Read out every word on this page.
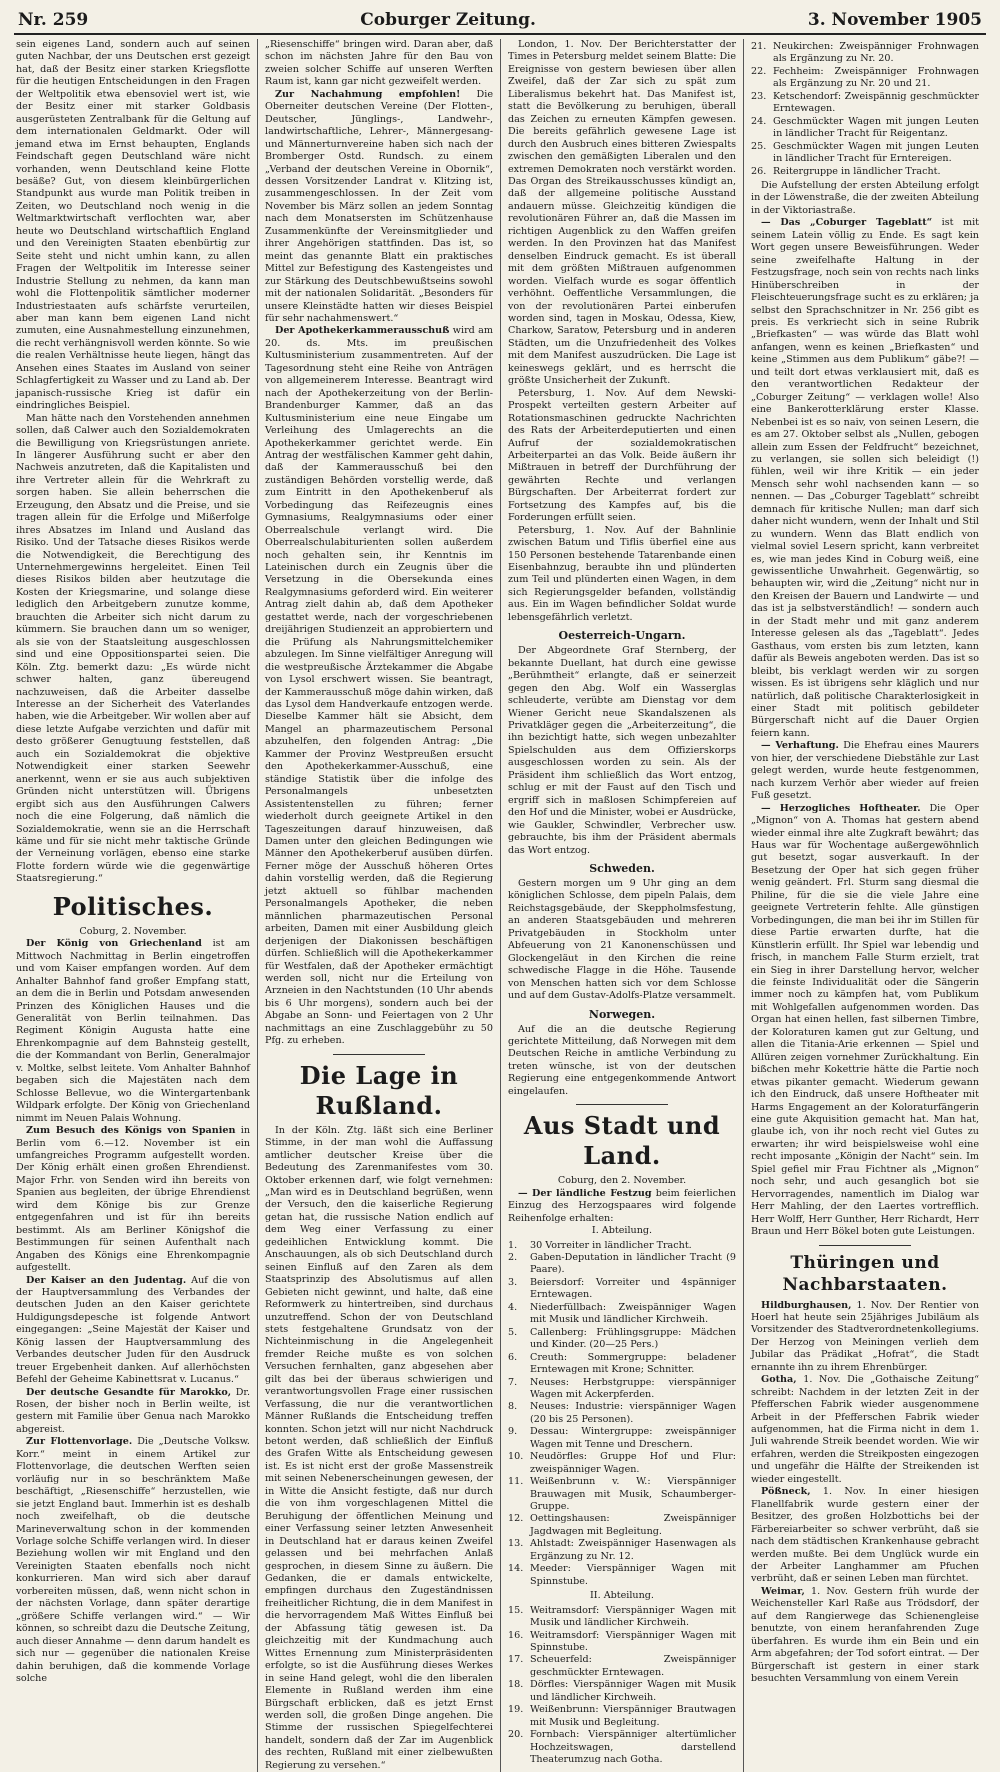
Nr. 259	Coburger Zeitung.	3. November 1905

sein eigenes Land, sondern auch auf seinen guten Nachbar, der uns Deutschen erst gezeigt hat, daß der Besitz einer starken Kriegsflotte für die heutigen Entscheidungen in den Fragen der Weltpolitik etwa ebensoviel wert ist, wie der Besitz einer mit starker Goldbasis ausgerüsteten Zentralbank für die Geltung auf dem internationalen Geldmarkt. Oder will jemand etwa im Ernst behaupten, Englands Feindschaft gegen Deutschland wäre nicht vorhanden, wenn Deutschland keine Flotte besäße? Gut, von diesem kleinbürgerlichen Standpunkt aus wurde man Politik treiben in Zeiten, wo Deutschland noch wenig in die Weltmarktwirtschaft verflochten war, aber heute wo Deutschland wirtschaftlich England und den Vereinigten Staaten ebenbürtig zur Seite steht und nicht umhin kann, zu allen Fragen der Weltpolitik im Interesse seiner Industrie Stellung zu nehmen, da kann man wohl die Flottenpolitik sämtlicher moderner Industriestaaten aufs schärfste verurteilen, aber man kann bem eigenen Land nicht zumuten, eine Ausnahmestellung einzunehmen, die recht verhängnisvoll werden könnte. So wie die realen Verhältnisse heute liegen, hängt das Ansehen eines Staates im Ausland von seiner Schlagfertigkeit zu Wasser und zu Land ab. Der japanisch-russische Krieg ist dafür ein eindringliches Beispiel.

Man hätte nach den Vorstehenden annehmen sollen, daß Calwer auch den Sozialdemokraten die Bewilligung von Kriegsrüstungen anriete. In längerer Ausführung sucht er aber den Nachweis anzutreten, daß die Kapitalisten und ihre Vertreter allein für die Wehrkraft zu sorgen haben. Sie allein beherrschen die Erzeugung, den Absatz und die Preise, und sie tragen allein für die Erfolge und Mißerfolge ihres Absatzes im Inland und Ausland das Risiko. Und der Tatsache dieses Risikos werde die Notwendigkeit, die Berechtigung des Unternehmergewinns hergeleitet. Einen Teil dieses Risikos bilden aber heutzutage die Kosten der Kriegsmarine, und solange diese lediglich den Arbeitgebern zunutze komme, brauchten die Arbeiter sich nicht darum zu kümmern. Sie brauchen dann um so weniger, als sie von der Staatsleitung ausgeschlossen sind und eine Oppositionspartei seien. Die Köln. Ztg. bemerkt dazu: „Es würde nicht schwer halten, ganz übereugend nachzuweisen, daß die Arbeiter dasselbe Interesse an der Sicherheit des Vaterlandes haben, wie die Arbeitgeber. Wir wollen aber auf diese letzte Aufgabe verzichten und dafür mit desto größerer Genugtuung feststellen, daß auch ein Sozialdemokrat die objektive Notwendigkeit einer starken Seewehr anerkennt, wenn er sie aus auch subjektiven Gründen nicht unterstützen will. Übrigens ergibt sich aus den Ausführungen Calwers noch die eine Folgerung, daß nämlich die Sozialdemokratie, wenn sie an die Herrschaft käme und für sie nicht mehr taktische Gründe der Verneinung vorlägen, ebenso eine starke Flotte fordern würde wie die gegenwärtige Staatsregierung.“

Politisches.
Coburg, 2. November.

Der König von Griechenland ist am Mittwoch Nachmittag in Berlin eingetroffen und vom Kaiser empfangen worden. Auf dem Anhalter Bahnhof fand großer Empfang statt, an dem die in Berlin und Potsdam anwesenden Prinzen des Königlichen Hauses und die Generalität von Berlin teilnahmen. Das Regiment Königin Augusta hatte eine Ehrenkompagnie auf dem Bahnsteig gestellt, die der Kommandant von Berlin, Generalmajor v. Moltke, selbst leitete. Vom Anhalter Bahnhof begaben sich die Majestäten nach dem Schlosse Bellevue, wo die Wintergartenbank Wildpark erfolgte. Der König von Griechenland nimmt im Neuen Palais Wohnung.

Zum Besuch des Königs von Spanien in Berlin vom 6.—12. November ist ein umfangreiches Programm aufgestellt worden. Der König erhält einen großen Ehrendienst. Major Frhr. von Senden wird ihn bereits von Spanien aus begleiten, der übrige Ehrendienst wird dem Könige bis zur Grenze entgegenfahren und ist für ihn bereits bestimmt. Als am Berliner Königshof die Bestimmungen für seinen Aufenthalt nach Angaben des Königs eine Ehrenkompagnie aufgestellt.

Der Kaiser an den Judentag. Auf die von der Hauptversammlung des Verbandes der deutschen Juden an den Kaiser gerichtete Huldigungsdepesche ist folgende Antwort eingegangen: „Seine Majestät der Kaiser und König lassen der Hauptversammlung des Verbandes deutscher Juden für den Ausdruck treuer Ergebenheit danken. Auf allerhöchsten Befehl der Geheime Kabinettsrat v. Lucanus.“

Der deutsche Gesandte für Marokko, Dr. Rosen, der bisher noch in Berlin weilte, ist gestern mit Familie über Genua nach Marokko abgereist.

Zur Flottenvorlage. Die „Deutsche Volksw. Korr.“ meint in einem Artikel zur Flottenvorlage, die deutschen Werften seien vorläufig nur in so beschränktem Maße beschäftigt, „Riesenschiffe“ herzustellen, wie sie jetzt England baut. Immerhin ist es deshalb noch zweifelhaft, ob die deutsche Marineverwaltung schon in der kommenden Vorlage solche Schiffe verlangen wird. In dieser Beziehung wollen wir mit England und den Vereinigten Staaten ebenfalls noch nicht konkurrieren. Man wird sich aber darauf vorbereiten müssen, daß, wenn nicht schon in der nächsten Vorlage, dann später derartige „größere Schiffe verlangen wird.“ — Wir können, so schreibt dazu die Deutsche Zeitung, auch dieser Annahme — denn darum handelt es sich nur — gegenüber die nationalen Kreise dahin beruhigen, daß die kommende Vorlage solche

„Riesenschiffe“ bringen wird. Daran aber, daß schon im nächsten Jahre für den Bau von zweien solcher Schiffe auf unseren Werften Raum ist, kann gar nicht gezweifelt werden.

Zur Nachahmung empfohlen! Die Oberneiter deutschen Vereine (Der Flotten-, Deutscher, Jünglings-, Landwehr-, landwirtschaftliche, Lehrer-, Männergesang- und Männerturnvereine haben sich nach der Bromberger Ostd. Rundsch. zu einem „Verband der deutschen Vereine in Obornik“, dessen Vorsitzender Landrat v. Klitzing ist, zusammengeschlossen. In der Zeit vom November bis März sollen an jedem Sonntag nach dem Monatsersten im Schützenhause Zusammenkünfte der Vereinsmitglieder und ihrer Angehörigen stattfinden. Das ist, so meint das genannte Blatt ein praktisches Mittel zur Befestigung des Kastengeistes und zur Stärkung des Deutschbewußtseins sowohl mit der nationalen Solidarität. „Besonders für unsere Kleinstädte hatten wir dieses Beispiel für sehr nachahmenswert.“

Der Apothekerkammerausschuß wird am 20. ds. Mts. im preußischen Kultusministerium zusammentreten. Auf der Tagesordnung steht eine Reihe von Anträgen von allgemeinerem Interesse. Beantragt wird nach der Apothekerzeitung von der Berlin-Brandenburger Kammer, daß an das Kultusministerium eine neue Eingabe um Verleihung des Umlagerechts an die Apothekerkammer gerichtet werde. Ein Antrag der westfälischen Kammer geht dahin, daß der Kammerausschuß bei den zuständigen Behörden vorstellig werde, daß zum Eintritt in den Apothekenberuf als Vorbedingung das Reifezeugnis eines Gymnasiums, Realgymnasiums oder einer Oberrealschule verlangt wird. Die Oberrealschulabiturienten sollen außerdem noch gehalten sein, ihr Kenntnis im Lateinischen durch ein Zeugnis über die Versetzung in die Obersekunda eines Realgymnasiums geforderd wird. Ein weiterer Antrag zielt dahin ab, daß dem Apotheker gestattet werde, nach der vorgeschriebenen dreijährigen Studienzeit an approbiertern und die Prüfung als Nahrungsmittelchemiker abzulegen. Im Sinne vielfältiger Anregung will die westpreußische Ärztekammer die Abgabe von Lysol erschwert wissen. Sie beantragt, der Kammerausschuß möge dahin wirken, daß das Lysol dem Handverkaufe entzogen werde. Dieselbe Kammer hält sie Absicht, dem Mangel an pharmazeutischem Personal abzuhelfen, den folgenden Antrag: „Die Kammer der Provinz Westpreußen ersucht den Apothekerkammer-Ausschuß, eine ständige Statistik über die infolge des Personalmangels unbesetzten Assistentenstellen zu führen; ferner wiederholt durch geeignete Artikel in den Tageszeitungen darauf hinzuweisen, daß Damen unter den gleichen Bedingungen wie Männer den Apothekerberuf ausüben dürfen. Ferner möge der Ausschuß höheren Ortes dahin vorstellig werden, daß die Regierung jetzt aktuell so fühlbar machenden Personalmangels Apotheker, die neben männlichen pharmazeutischen Personal arbeiten, Damen mit einer Ausbildung gleich derjenigen der Diakonissen beschäftigen dürfen. Schließlich will die Apothekerkammer für Westfalen, daß der Apotheker ermächtigt werden soll, nicht nur die Erteilung von Arzneien in den Nachtstunden (10 Uhr abends bis 6 Uhr morgens), sondern auch bei der Abgabe an Sonn- und Feiertagen von 2 Uhr nachmittags an eine Zuschlaggebühr zu 50 Pfg. zu erheben.

Die Lage in Rußland.

In der Köln. Ztg. läßt sich eine Berliner Stimme, in der man wohl die Auffassung amtlicher deutscher Kreise über die Bedeutung des Zarenmanifestes vom 30. Oktober erkennen darf, wie folgt vernehmen: „Man wird es in Deutschland begrüßen, wenn der Versuch, den die kaiserliche Regierung getan hat, die russische Nation endlich auf dem Weg einer Verfassung zu einer gedeihlichen Entwicklung kommt. Die Anschauungen, als ob sich Deutschland durch seinen Einfluß auf den Zaren als dem Staatsprinzip des Absolutismus auf allen Gebieten nicht gewinnt, und halte, daß eine Reformwerk zu hintertreiben, sind durchaus unzutreffend. Schon der von Deutschland stets festgehaltene Grundsatz von der Nichteinmischung in die Angelegenheit fremder Reiche mußte es von solchen Versuchen fernhalten, ganz abgesehen aber gilt das bei der überaus schwierigen und verantwortungsvollen Frage einer russischen Verfassung, die nur die verantwortlichen Männer Rußlands die Entscheidung treffen konnten. Schon jetzt will nur nicht Nachdruck betont werden, daß schließlich der Einfluß des Grafen Witte als Entscheidung gewesen ist. Es ist nicht erst der große Massenstreik mit seinen Nebenerscheinungen gewesen, der in Witte die Ansicht festigte, daß nur durch die von ihm vorgeschlagenen Mittel die Beruhigung der öffentlichen Meinung und einer Verfassung seiner letzten Anwesenheit in Deutschland hat er daraus keinen Zweifel gelassen und bei mehrfachen Anlaß gesprochen, in diesem Sinne zu äußern. Die Gedanken, die er damals entwickelte, empfingen durchaus den Zugeständnissen freiheitlicher Richtung, die in dem Manifest in die hervorragendem Maß Wittes Einfluß bei der Abfassung tätig gewesen ist. Da gleichzeitig mit der Kundmachung auch Wittes Ernennung zum Ministerpräsidenten erfolgte, so ist die Ausführung dieses Werkes in seine Hand gelegt, wohl die den liberalen Elemente in Rußland werden ihm eine Bürgschaft erblicken, daß es jetzt Ernst werden soll, die großen Dinge angehen. Die Stimme der russischen Spiegelfechterei handelt, sondern daß der Zar im Augenblick des rechten, Rußland mit einer zielbewußten Regierung zu versehen.“

London, 1. Nov. Der Berichterstatter der Times in Petersburg meldet seinem Blatte: Die Ereignisse von gestern bewiesen über allen Zweifel, daß der Zar sich zu spät zum Liberalismus bekehrt hat. Das Manifest ist, statt die Bevölkerung zu beruhigen, überall das Zeichen zu erneuten Kämpfen gewesen. Die bereits gefährlich gewesene Lage ist durch den Ausbruch eines bitteren Zwiespalts zwischen den gemäßigten Liberalen und den extremen Demokraten noch verstärkt worden. Das Organ des Streikausschusses kündigt an, daß der allgemeine politische Ausstand andauern müsse. Gleichzeitig kündigen die revolutionären Führer an, daß die Massen im richtigen Augenblick zu den Waffen greifen werden. In den Provinzen hat das Manifest denselben Eindruck gemacht. Es ist überall mit dem größten Mißtrauen aufgenommen worden. Vielfach wurde es sogar öffentlich verhöhnt. Oeffentliche Versammlungen, die von der revolutionären Partei einberufen worden sind, tagen in Moskau, Odessa, Kiew, Charkow, Saratow, Petersburg und in anderen Städten, um die Unzufriedenheit des Volkes mit dem Manifest auszudrücken. Die Lage ist keineswegs geklärt, und es herrscht die größte Unsicherheit der Zukunft.

Petersburg, 1. Nov. Auf dem Newski-Prospekt verteilten gestern Arbeiter auf Rotationsmaschinen gedruckte Nachrichten des Rats der Arbeiterdeputierten und einen Aufruf der sozialdemokratischen Arbeiterpartei an das Volk. Beide äußern ihr Mißtrauen in betreff der Durchführung der gewährten Rechte und verlangen Bürgschaften. Der Arbeiterrat fordert zur Fortsetzung des Kampfes auf, bis die Forderungen erfüllt seien.

Petersburg, 1. Nov. Auf der Bahnlinie zwischen Batum und Tiflis überfiel eine aus 150 Personen bestehende Tatarenbande einen Eisenbahnzug, beraubte ihn und plünderten zum Teil und plünderten einen Wagen, in dem sich Regierungsgelder befanden, vollständig aus. Ein im Wagen befindlicher Soldat wurde lebensgefährlich verletzt.

Oesterreich-Ungarn.

Der Abgeordnete Graf Sternberg, der bekannte Duellant, hat durch eine gewisse „Berühmtheit“ erlangte, daß er seinerzeit gegen den Abg. Wolf ein Wasserglas schleuderte, verübte am Dienstag vor dem Wiener Gericht neue Skandalszenen als Privatkläger gegen die „Arbeiterzeitung“, die ihn bezichtigt hatte, sich wegen unbezahlter Spielschulden aus dem Offizierskorps ausgeschlossen worden zu sein. Als der Präsident ihm schließlich das Wort entzog, schlug er mit der Faust auf den Tisch und ergriff sich in maßlosen Schimpfereien auf den Hof und die Minister, wobei er Ausdrücke, wie Gaukler, Schwindler, Verbrecher usw. gebrauchte, bis ihm der Präsident abermals das Wort entzog.

Schweden.

Gestern morgen um 9 Uhr ging an dem königlichen Schlosse, dem pipeln Palais, dem Reichstagsgebäude, der Skeppholmsfestung, an anderen Staatsgebäuden und mehreren Privatgebäuden in Stockholm unter Abfeuerung von 21 Kanonenschüssen und Glockengeläut in den Kirchen die reine schwedische Flagge in die Höhe. Tausende von Menschen hatten sich vor dem Schlosse und auf dem Gustav-Adolfs-Platze versammelt.

Norwegen.

Auf die an die deutsche Regierung gerichtete Mitteilung, daß Norwegen mit dem Deutschen Reiche in amtliche Verbindung zu treten wünsche, ist von der deutschen Regierung eine entgegenkommende Antwort eingelaufen.

Aus Stadt und Land.
Coburg, den 2. November.

— Der ländliche Festzug beim feierlichen Einzug des Herzogspaares wird folgende Reihenfolge erhalten:

I. Abteilung.
1. 30 Vorreiter in ländlicher Tracht.
2. Gaben-Deputation in ländlicher Tracht (9 Paare).
3. Beiersdorf: Vorreiter und 4spänniger Erntewagen.
4. Niederfüllbach: Zweispänniger Wagen mit Musik und ländlicher Kirchweih.
5. Callenberg: Frühlingsgruppe: Mädchen und Kinder. (20—25 Pers.)
6. Creuth: Sommergruppe: beladener Erntewagen mit Krone; Schnitter.
7. Neuses: Herbstgruppe: vierspänniger Wagen mit Ackerpferden.
8. Neuses: Industrie: vierspänniger Wagen (20 bis 25 Personen).
9. Dessau: Wintergruppe: zweispänniger Wagen mit Tenne und Dreschern.
10. Neudörfles: Gruppe Hof und Flur: zweispänniger Wagen.
11. Weißenbrunn v. W.: Vierspänniger Brauwagen mit Musik, Schaumberger-Gruppe.
12. Oettingshausen: Zweispänniger Jagdwagen mit Begleitung.
13. Ahlstadt: Zweispänniger Hasenwagen als Ergänzung zu Nr. 12.
14. Meeder: Vierspänniger Wagen mit Spinnstube.
II. Abteilung.
15. Weitramsdorf: Vierspänniger Wagen mit Musik und ländlicher Kirchweih.
16. Weitramsdorf: Vierspänniger Wagen mit Spinnstube.
17. Scheuerfeld: Zweispänniger geschmückter Erntewagen.
18. Dörfles: Vierspänniger Wagen mit Musik und ländlicher Kirchweih.
19. Weißenbrunn: Vierspänniger Brautwagen mit Musik und Begleitung.
20. Fornbach: Vierspänniger altertümlicher Hochzeitswagen, darstellend Theaterumzug nach Gotha.
21. Neukirchen: Zweispänniger Frohnwagen als Ergänzung zu Nr. 20.
22. Fechheim: Zweispänniger Frohnwagen als Ergänzung zu Nr. 20 und 21.
23. Ketschendorf: Zweispännig geschmückter Erntewagen.
24. Geschmückter Wagen mit jungen Leuten in ländlicher Tracht für Reigentanz.
25. Geschmückter Wagen mit jungen Leuten in ländlicher Tracht für Erntereigen.
26. Reitergruppe in ländlicher Tracht.

Die Aufstellung der ersten Abteilung erfolgt in der Löwenstraße, die der zweiten Abteilung in der Viktoriastraße.

— Das „Coburger Tageblatt“ ist mit seinem Latein völlig zu Ende. Es sagt kein Wort gegen unsere Beweisführungen. Weder seine zweifelhafte Haltung in der Festzugsfrage, noch sein von rechts nach links Hinüberschreiben in der Fleischteuerungsfrage sucht es zu erklären; ja selbst den Sprachschnitzer in Nr. 256 gibt es preis. Es verkriecht sich in seine Rubrik „Briefkasten“ — was würde das Blatt wohl anfangen, wenn es keinen „Briefkasten“ und keine „Stimmen aus dem Publikum“ gäbe?! — und teilt dort etwas verklausiert mit, daß es den verantwortlichen Redakteur der „Coburger Zeitung“ — verklagen wolle! Also eine Bankerotterklärung erster Klasse. Nebenbei ist es so naiv, von seinen Lesern, die es am 27. Oktober selbst als „Nullen, gebogen allein zum Essen der Feldfrucht“ bezeichnet, zu verlangen, sie sollen sich beleidigt (!) fühlen, weil wir ihre Kritik — ein jeder Mensch sehr wohl nachsenden kann — so nennen. — Das „Coburger Tageblatt“ schreibt demnach für kritische Nullen; man darf sich daher nicht wundern, wenn der Inhalt und Stil zu wundern. Wenn das Blatt endlich von vielmal soviel Lesern spricht, kann verbreitet es, wie man jedes Kind in Coburg weiß, eine gewissentliche Unwahrheit. Gegenwärtig, so behaupten wir, wird die „Zeitung“ nicht nur in den Kreisen der Bauern und Landwirte — und das ist ja selbstverständlich! — sondern auch in der Stadt mehr und mit ganz anderem Interesse gelesen als das „Tageblatt“. Jedes Gasthaus, vom ersten bis zum letzten, kann dafür als Beweis angeboten werden. Das ist so bleibt, bis verklagt werden wir zu sorgen wissen. Es ist übrigens sehr kläglich und nur natürlich, daß politische Charakterlosigkeit in einer Stadt mit politisch gebildeter Bürgerschaft nicht auf die Dauer Orgien feiern kann.

— Verhaftung. Die Ehefrau eines Maurers von hier, der verschiedene Diebstähle zur Last gelegt werden, wurde heute festgenommen, nach kurzem Verhör aber wieder auf freien Fuß gesetzt.

— Herzogliches Hoftheater. Die Oper „Mignon“ von A. Thomas hat gestern abend wieder einmal ihre alte Zugkraft bewährt; das Haus war für Wochentage außergewöhnlich gut besetzt, sogar ausverkauft. In der Besetzung der Oper hat sich gegen früher wenig geändert. Frl. Sturm sang diesmal die Philine, für die sie die viele Jahre eine geeignete Vertreterin fehlte. Alle günstigen Vorbedingungen, die man bei ihr im Stillen für diese Partie erwarten durfte, hat die Künstlerin erfüllt. Ihr Spiel war lebendig und frisch, in manchem Falle Sturm erzielt, trat ein Sieg in ihrer Darstellung hervor, welcher die feinste Individualität oder die Sängerin immer noch zu kämpfen hat, vom Publikum mit Wohlgefallen aufgenommen worden. Das Organ hat einen hellen, fast silbernen Timbre, der Koloraturen kamen gut zur Geltung, und allen die Titania-Arie erkennen — Spiel und Allüren zeigen vornehmer Zurückhaltung. Ein bißchen mehr Kokettrie hätte die Partie noch etwas pikanter gemacht. Wiederum gewann ich den Eindruck, daß unsere Hoftheater mit Harms Engagement an der Koloraturfängerin eine gute Akquisition gemacht hat. Man hat, glaube ich, von ihr noch recht viel Gutes zu erwarten; ihr wird beispielsweise wohl eine recht imposante „Königin der Nacht“ sein. Im Spiel gefiel mir Frau Fichtner als „Mignon“ noch sehr, und auch gesanglich bot sie Hervorragendes, namentlich im Dialog war Herr Mahling, der den Laertes vortrefflich. Herr Wolff, Herr Gunther, Herr Richardt, Herr Braun und Herr Bökel boten gute Leistungen.

Thüringen und Nachbarstaaten.

Hildburghausen, 1. Nov. Der Rentier von Hoerl hat heute sein 25jähriges Jubiläum als Vorsitzender des Stadtverordnetenkollegiums. Der Herzog von Meiningen verlieh dem Jubilar das Prädikat „Hofrat“, die Stadt ernannte ihn zu ihrem Ehrenbürger.

Gotha, 1. Nov. Die „Gothaische Zeitung“ schreibt: Nachdem in der letzten Zeit in der Pfefferschen Fabrik wieder ausgenommene Arbeit in der Pfefferschen Fabrik wieder aufgenommen, hat die Firma nicht in dem 1. Juli wahrende Streik beendet worden. Wie wir erfahren, werden die Streikposten eingezogen und ungefähr die Hälfte der Streikenden ist wieder eingestellt.

Pößneck, 1. Nov. In einer hiesigen Flanellfabrik wurde gestern einer der Besitzer, des großen Holzbottichs bei der Färbereiarbeiter so schwer verbrüht, daß sie nach dem städtischen Krankenhause gebracht werden mußte. Bei dem Unglück wurde ein der Arbeiter Langhammer am Pfuchen verbrüht, daß er seinen Leben man fürchtet.

Weimar, 1. Nov. Gestern früh wurde der Weichensteller Karl Raße aus Trödsdorf, der auf dem Rangierwege das Schienengleise benutzte, von einem heranfahrenden Zuge überfahren. Es wurde ihm ein Bein und ein Arm abgefahren; der Tod sofort eintrat. — Der Bürgerschaft ist gestern in einer stark besuchten Versammlung von einem Verein
